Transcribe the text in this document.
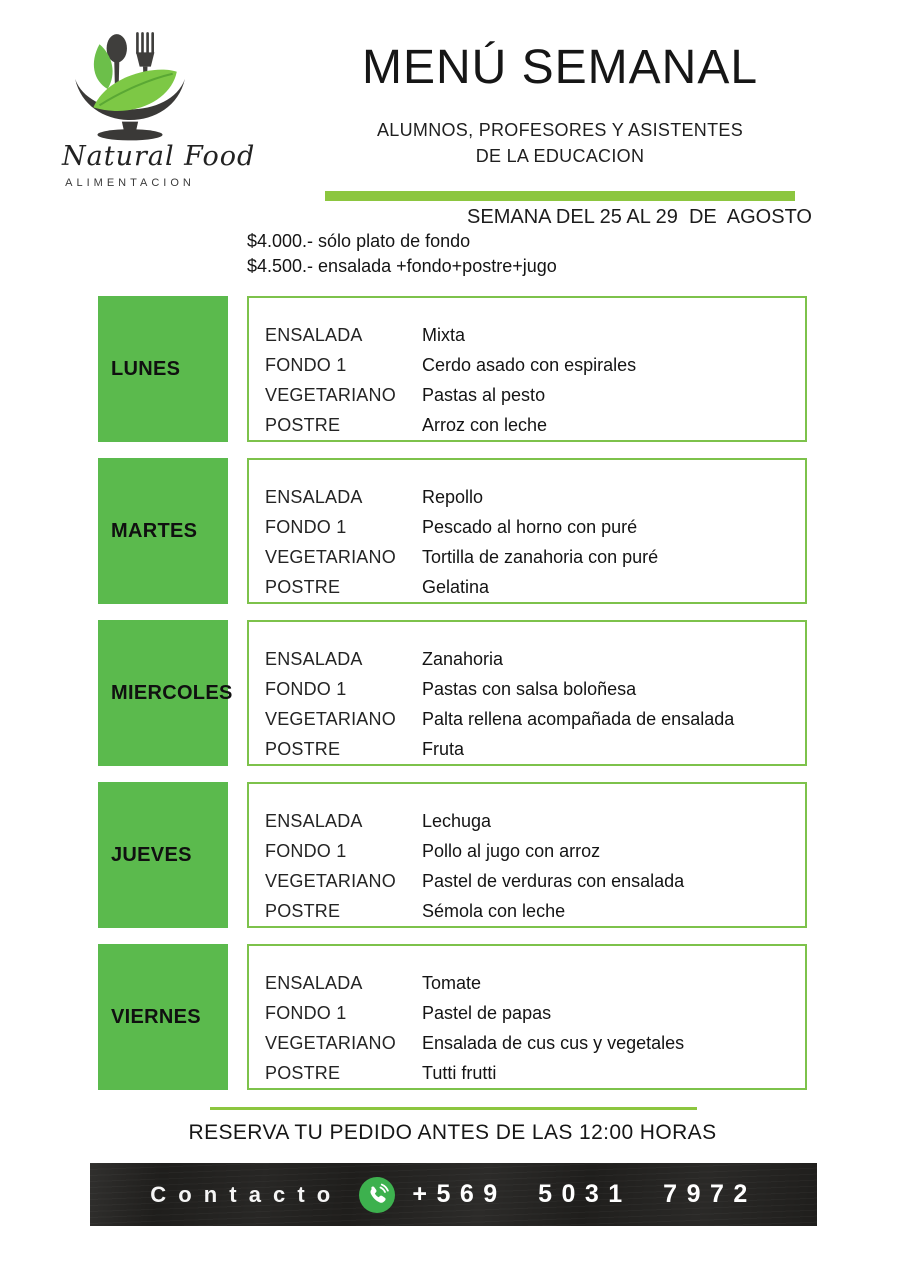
Natural Food
ALIMENTACION
MENÚ SEMANAL
ALUMNOS, PROFESORES Y ASISTENTES
DE LA EDUCACION
SEMANA DEL 25 AL 29  DE  AGOSTO
$4.000.- sólo plato de fondo
$4.500.- ensalada +fondo+postre+jugo
LUNES
ENSALADA	Mixta
FONDO 1	Cerdo asado con espirales
VEGETARIANO	Pastas al pesto
POSTRE	Arroz con leche
MARTES
ENSALADA	Repollo
FONDO 1	Pescado al horno con puré
VEGETARIANO	Tortilla de zanahoria con puré
POSTRE	Gelatina
MIERCOLES
ENSALADA	Zanahoria
FONDO 1	Pastas con salsa boloñesa
VEGETARIANO	Palta rellena acompañada de ensalada
POSTRE	Fruta
JUEVES
ENSALADA	Lechuga
FONDO 1	Pollo al jugo con arroz
VEGETARIANO	Pastel de verduras con ensalada
POSTRE	Sémola con leche
VIERNES
ENSALADA	Tomate
FONDO 1	Pastel de papas
VEGETARIANO	Ensalada de cus cus y vegetales
POSTRE	Tutti frutti
RESERVA TU PEDIDO ANTES DE LAS 12:00 HORAS
Contacto	+569 5031 7972
